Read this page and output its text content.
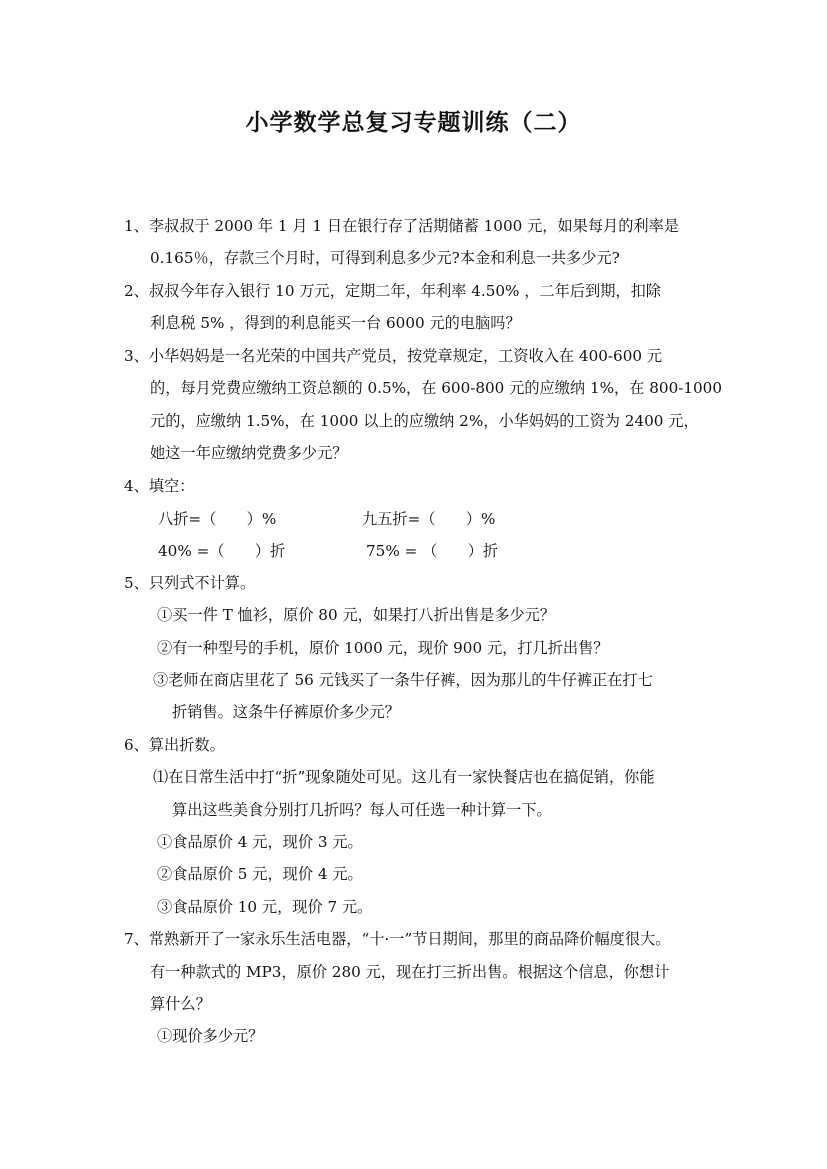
小学数学总复习专题训练（二）
1、李叔叔于 2000 年 1 月 1 日在银行存了活期储蓄 1000 元，如果每月的利率是
0.165％，存款三个月时，可得到利息多少元?本金和利息一共多少元?
2、叔叔今年存入银行 10 万元，定期二年，年利率 4.50% ，二年后到期，扣除
利息税 5% ，得到的利息能买一台 6000 元的电脑吗？
3、小华妈妈是一名光荣的中国共产党员，按党章规定，工资收入在 400-600 元
的，每月党费应缴纳工资总额的 0.5%，在 600-800 元的应缴纳 1%，在 800-1000
元的，应缴纳 1.5%，在 1000 以上的应缴纳 2%，小华妈妈的工资为 2400 元，
她这一年应缴纳党费多少元？
4、填空：
八折=（　　）%	九五折=（　　）%
40% =（　　）折	75% = （　　）折
5、只列式不计算。
①买一件 T 恤衫，原价 80 元，如果打八折出售是多少元？
②有一种型号的手机，原价 1000 元，现价 900 元，打几折出售？
③老师在商店里花了 56 元钱买了一条牛仔裤，因为那儿的牛仔裤正在打七
折销售。这条牛仔裤原价多少元？
6、算出折数。
⑴在日常生活中打“折”现象随处可见。这儿有一家快餐店也在搞促销，你能
算出这些美食分别打几折吗？每人可任选一种计算一下。
①食品原价 4 元，现价 3 元。
②食品原价 5 元，现价 4 元。
③食品原价 10 元，现价 7 元。
7、常熟新开了一家永乐生活电器，“十·一”节日期间，那里的商品降价幅度很大。
有一种款式的 MP3，原价 280 元，现在打三折出售。根据这个信息，你想计
算什么？
①现价多少元？
